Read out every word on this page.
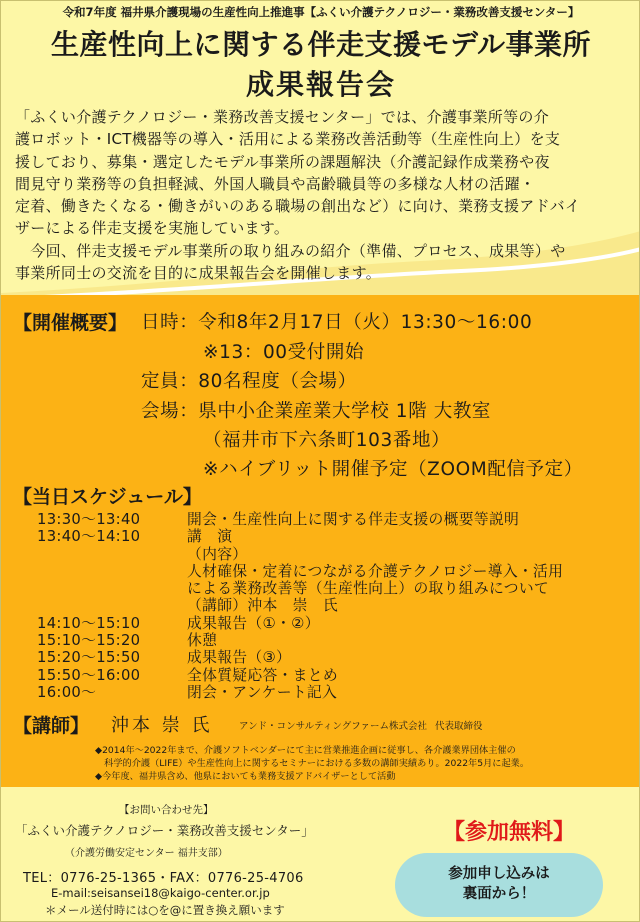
令和7年度 福井県介護現場の生産性向上推進事【ふくい介護テクノロジー・業務改善支援センター】
生産性向上に関する伴走支援モデル事業所
成果報告会

「ふくい介護テクノロジー・業務改善支援センター」では、介護事業所等の介

護ロボット・ICT機器等の導入・活用による業務改善活動等（生産性向上）を支

援しており、募集・選定したモデル事業所の課題解決（介護記録作成業務や夜

間見守り業務等の負担軽減、外国人職員や高齢職員等の多様な人材の活躍・

定着、働きたくなる・働きがいのある職場の創出など）に向け、業務支援アドバイ

ザーによる伴走支援を実施しています。

　今回、伴走支援モデル事業所の取り組みの紹介（準備、プロセス、成果等）や

事業所同士の交流を目的に成果報告会を開催します。

【開催概要】 日時：令和8年2月17日（火）13:30～16:00
※13：00受付開始
定員：80名程度（会場）
会場：県中小企業産業大学校 1階 大教室
（福井市下六条町103番地）
※ハイブリット開催予定（ZOOM配信予定）
【当日スケジュール】
13:30～13:40	開会・生産性向上に関する伴走支援の概要等説明
13:40～14:10	講　演
（内容）
人材確保・定着につながる介護テクノロジー導入・活用
による業務改善等（生産性向上）の取り組みについて
（講師）沖本　崇　氏
14:10～15:10	成果報告（①・②）
15:10～15:20	休憩
15:20～15:50	成果報告（③）
15:50～16:00	全体質疑応答・まとめ
16:00～	閉会・アンケート記入
【講師】 沖本 崇 氏	アンド・コンサルティングファーム株式会社 代表取締役
◆2014年～2022年まで、介護ソフトベンダーにて主に営業推進企画に従事し、各介護業界団体主催の
　科学的介護（LIFE）や生産性向上に関するセミナーにおける多数の講師実績あり。2022年5月に起業。
◆今年度、福井県含め、他県においても業務支援アドバイザーとして活動
【お問い合わせ先】
「ふくい介護テクノロジー・業務改善支援センター」
（介護労働安定センター 福井支部）
TEL：0776-25-1365・FAX：0776-25-4706
E-mail:seisansei18@kaigo-center.or.jp
＊メール送付時には○を@に置き換え願います
【参加無料】
参加申し込みは
裏面から！
